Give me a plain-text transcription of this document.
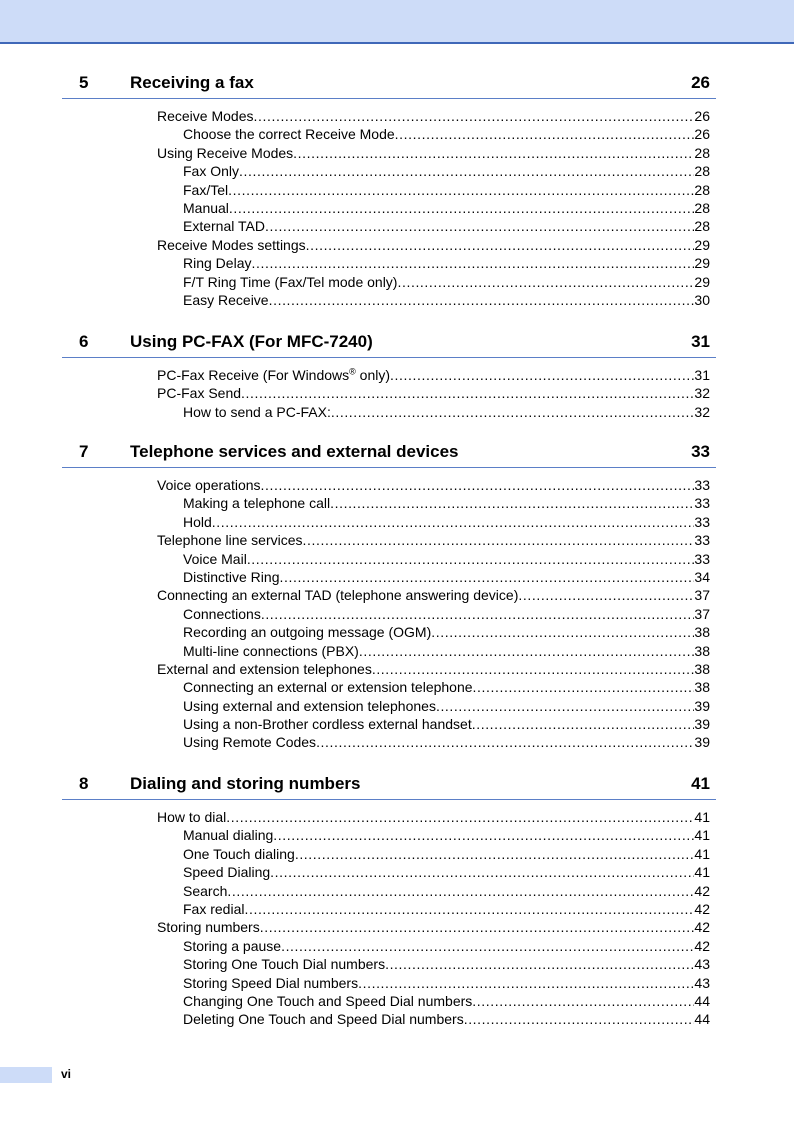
5 Receiving a fax	26
Receive Modes .....	26
Choose the correct Receive Mode .....	26
Using Receive Modes .....	28
Fax Only .....	28
Fax/Tel .....	28
Manual .....	28
External TAD .....	28
Receive Modes settings .....	29
Ring Delay .....	29
F/T Ring Time (Fax/Tel mode only) .....	29
Easy Receive .....	30
6 Using PC-FAX (For MFC-7240)	31
PC-Fax Receive (For Windows® only) .....	31
PC-Fax Send .....	32
How to send a PC-FAX: .....	32
7 Telephone services and external devices	33
Voice operations .....	33
Making a telephone call .....	33
Hold .....	33
Telephone line services .....	33
Voice Mail .....	33
Distinctive Ring .....	34
Connecting an external TAD (telephone answering device) .....	37
Connections .....	37
Recording an outgoing message (OGM) .....	38
Multi-line connections (PBX) .....	38
External and extension telephones .....	38
Connecting an external or extension telephone .....	38
Using external and extension telephones .....	39
Using a non-Brother cordless external handset .....	39
Using Remote Codes .....	39
8 Dialing and storing numbers	41
How to dial .....	41
Manual dialing .....	41
One Touch dialing .....	41
Speed Dialing .....	41
Search .....	42
Fax redial .....	42
Storing numbers .....	42
Storing a pause .....	42
Storing One Touch Dial numbers .....	43
Storing Speed Dial numbers .....	43
Changing One Touch and Speed Dial numbers .....	44
Deleting One Touch and Speed Dial numbers .....	44
vi
